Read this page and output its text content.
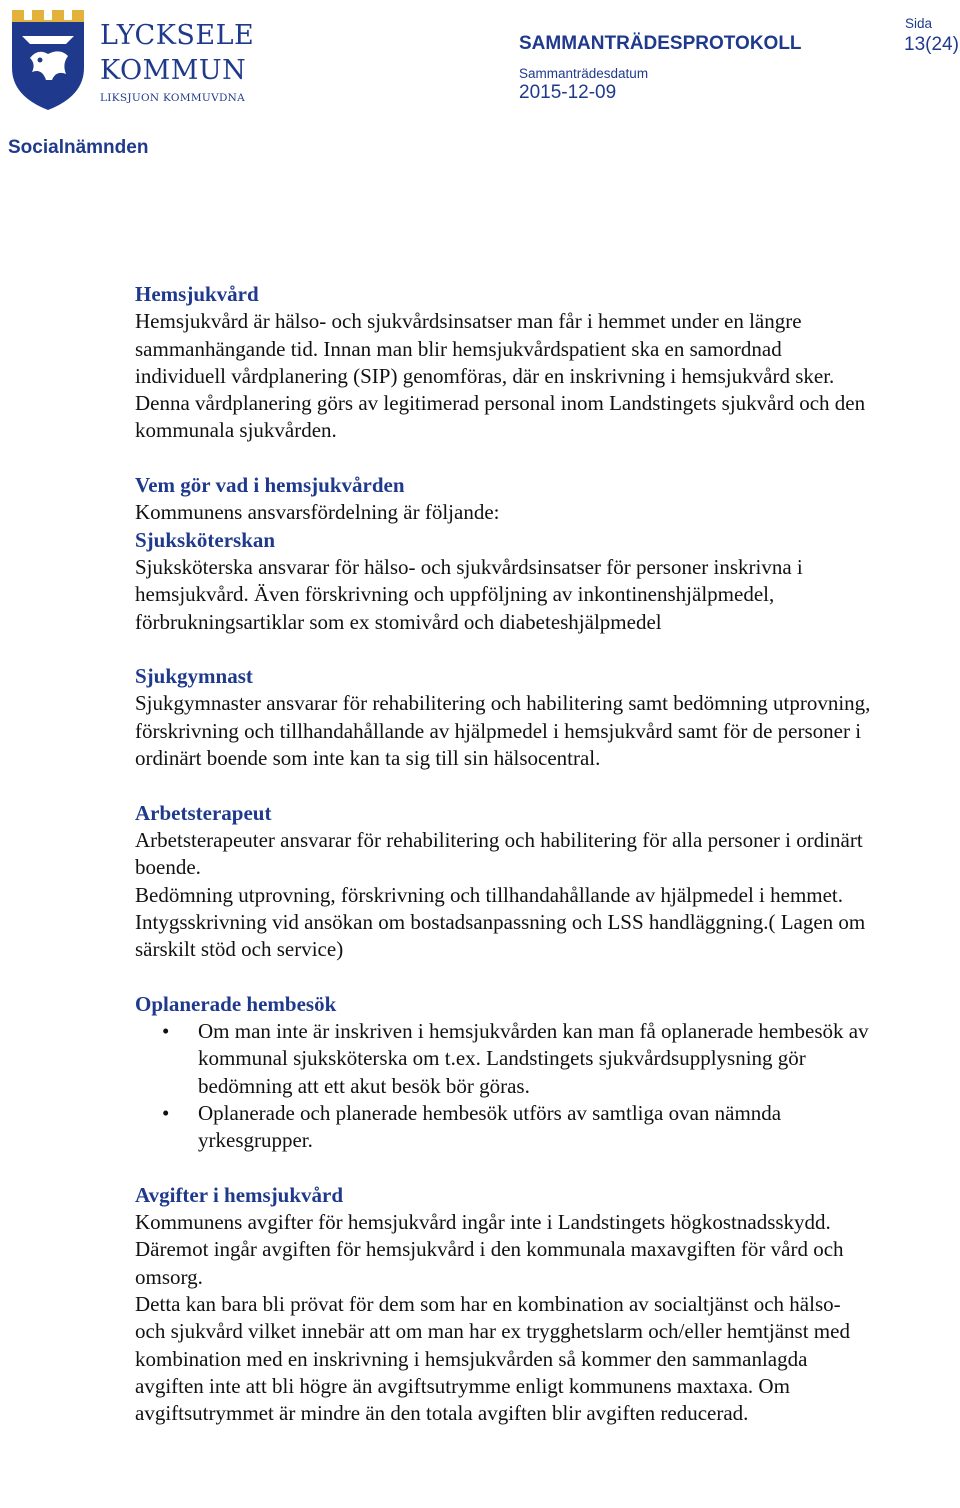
LYCKSELE
KOMMUN
LIKSJUON KOMMUVDNA
SAMMANTRÄDESPROTOKOLL
Sida
13(24)
Sammanträdesdatum
2015-12-09
Socialnämnden

Hemsjukvård

Hemsjukvård är hälso- och sjukvårdsinsatser man får i hemmet under en längre sammanhängande tid. Innan man blir hemsjukvårdspatient ska en samordnad individuell vårdplanering (SIP) genomföras, där en inskrivning i hemsjukvård sker. Denna vårdplanering görs av legitimerad personal inom Landstingets sjukvård och den kommunala sjukvården.

Vem gör vad i hemsjukvården

Kommunens ansvarsfördelning är följande:

Sjuksköterskan

Sjuksköterska ansvarar för hälso- och sjukvårdsinsatser för personer inskrivna i hemsjukvård. Även förskrivning och uppföljning av inkontinenshjälpmedel, förbrukningsartiklar som ex stomivård och diabeteshjälpmedel

Sjukgymnast

Sjukgymnaster ansvarar för rehabilitering och habilitering samt bedömning utprovning, förskrivning och tillhandahållande av hjälpmedel i hemsjukvård samt för de personer i ordinärt boende som inte kan ta sig till sin hälsocentral.

Arbetsterapeut

Arbetsterapeuter ansvarar för rehabilitering och habilitering för alla personer i ordinärt boende.

Bedömning utprovning, förskrivning och tillhandahållande av hjälpmedel i hemmet. Intygsskrivning vid ansökan om bostadsanpassning och LSS handläggning.( Lagen om särskilt stöd och service)

Oplanerade hembesök

• Om man inte är inskriven i hemsjukvården kan man få oplanerade hembesök av kommunal sjuksköterska om t.ex. Landstingets sjukvårdsupplysning gör bedömning att ett akut besök bör göras.
• Oplanerade och planerade hembesök utförs av samtliga ovan nämnda yrkesgrupper.

Avgifter i hemsjukvård

Kommunens avgifter för hemsjukvård ingår inte i Landstingets högkostnadsskydd. Däremot ingår avgiften för hemsjukvård i den kommunala maxavgiften för vård och omsorg.

Detta kan bara bli prövat för dem som har en kombination av socialtjänst och hälso- och sjukvård vilket innebär att om man har ex trygghetslarm och/eller hemtjänst med kombination med en inskrivning i hemsjukvården så kommer den sammanlagda avgiften inte att bli högre än avgiftsutrymme enligt kommunens maxtaxa. Om avgiftsutrymmet är mindre än den totala avgiften blir avgiften reducerad.
